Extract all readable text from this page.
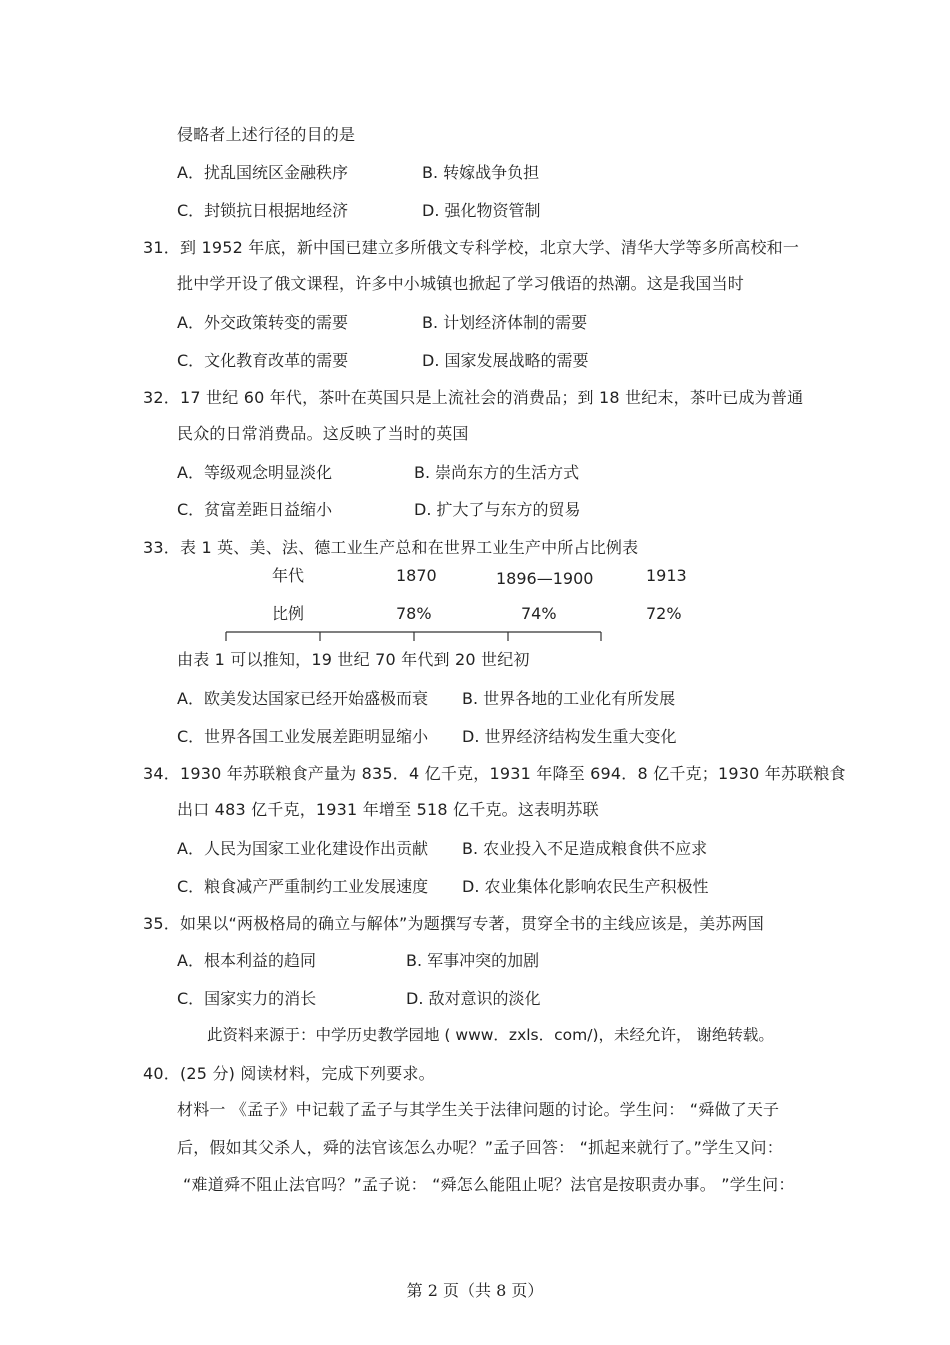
侵略者上述行径的目的是
A．扰乱国统区金融秩序	B. 转嫁战争负担
C．封锁抗日根据地经济	D. 强化物资管制
31．到 1952 年底，新中国已建立多所俄文专科学校，北京大学、清华大学等多所高校和一
批中学开设了俄文课程，许多中小城镇也掀起了学习俄语的热潮。这是我国当时
A．外交政策转变的需要	B. 计划经济体制的需要
C．文化教育改革的需要	D. 国家发展战略的需要
32．17 世纪 60 年代，茶叶在英国只是上流社会的消费品；到 18 世纪末，茶叶已成为普通
民众的日常消费品。这反映了当时的英国
A．等级观念明显淡化	B. 崇尚东方的生活方式
C．贫富差距日益缩小	D. 扩大了与东方的贸易
33．表 1 英、美、法、德工业生产总和在世界工业生产中所占比例表
年代	1870	1896—1900	1913
比例	78%	74%	72%
由表 1 可以推知，19 世纪 70 年代到 20 世纪初
A．欧美发达国家已经开始盛极而衰 B. 世界各地的工业化有所发展
C．世界各国工业发展差距明显缩小 D. 世界经济结构发生重大变化
34．1930 年苏联粮食产量为 835．4 亿千克，1931 年降至 694．8 亿千克；1930 年苏联粮食
出口 483 亿千克，1931 年增至 518 亿千克。这表明苏联
A．人民为国家工业化建设作出贡献 B. 农业投入不足造成粮食供不应求
C．粮食减产严重制约工业发展速度 D. 农业集体化影响农民生产积极性
35．如果以“两极格局的确立与解体”为题撰写专著，贯穿全书的主线应该是，美苏两国
A．根本利益的趋同	B. 军事冲突的加剧
C．国家实力的消长	D. 敌对意识的淡化
此资料来源于：中学历史教学园地 ( www．zxls．com/)，未经允许， 谢绝转载。
40．(25 分) 阅读材料，完成下列要求。
材料一 《孟子》中记载了孟子与其学生关于法律问题的讨论。学生问： “舜做了天子
后，假如其父杀人，舜的法官该怎么办呢？”孟子回答： “抓起来就行了。”学生又问：
“难道舜不阻止法官吗？”孟子说： “舜怎么能阻止呢？法官是按职责办事。 ”学生问：
第 2 页（共 8 页）
